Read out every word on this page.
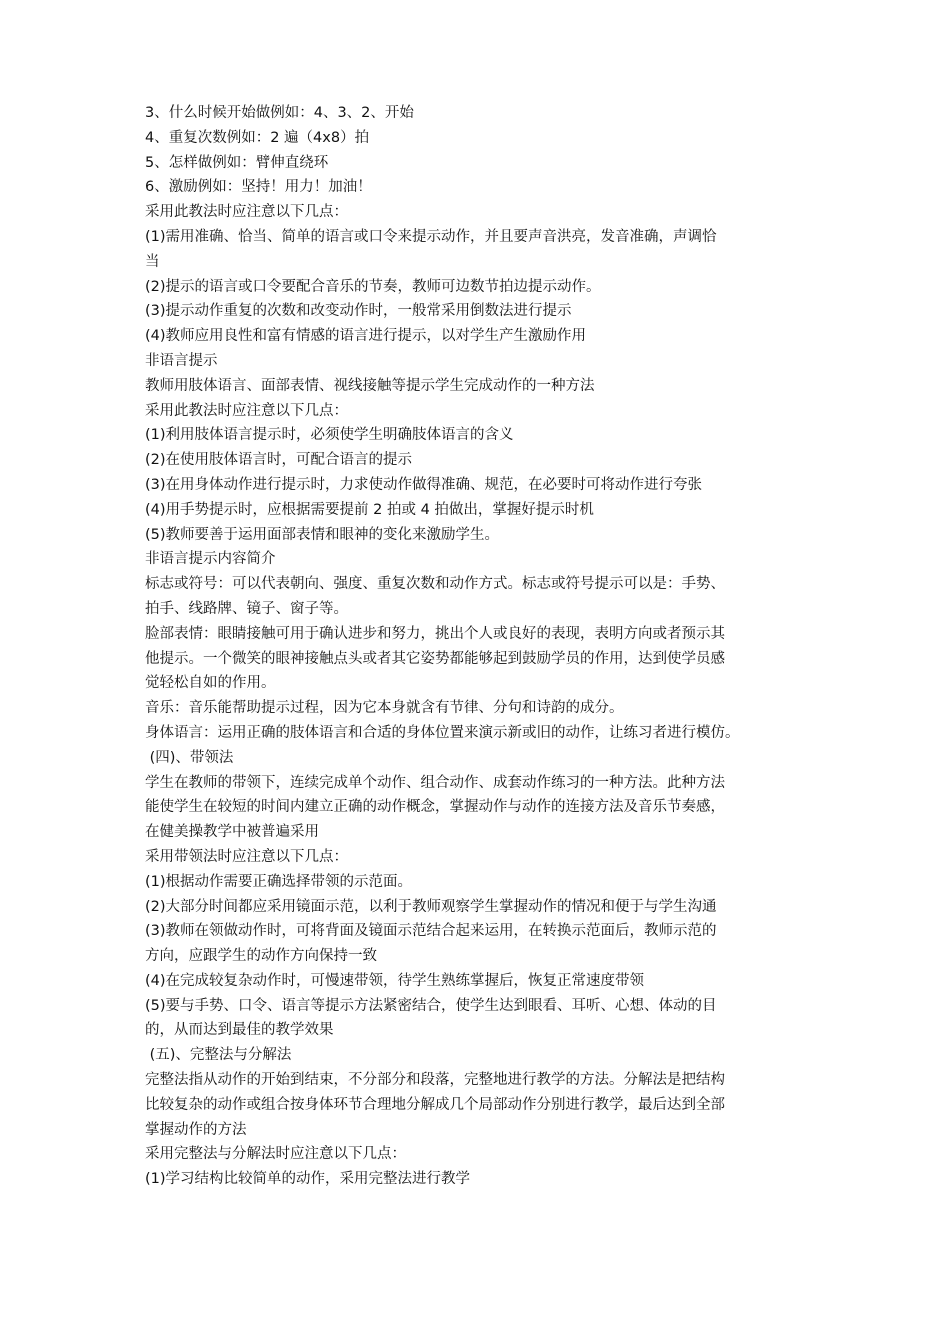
3、什么时候开始做例如：4、3、2、开始
4、重复次数例如：2 遍（4x8）拍
5、怎样做例如：臂伸直绕环
6、激励例如：坚持！用力！加油！
采用此教法时应注意以下几点：
(1)需用准确、恰当、简单的语言或口令来提示动作，并且要声音洪亮，发音准确，声调恰
当
(2)提示的语言或口令要配合音乐的节奏，教师可边数节拍边提示动作。
(3)提示动作重复的次数和改变动作时，一般常采用倒数法进行提示
(4)教师应用良性和富有情感的语言进行提示，以对学生产生激励作用
非语言提示
教师用肢体语言、面部表情、视线接触等提示学生完成动作的一种方法
采用此教法时应注意以下几点：
(1)利用肢体语言提示时，必须使学生明确肢体语言的含义
(2)在使用肢体语言时，可配合语言的提示
(3)在用身体动作进行提示时，力求使动作做得准确、规范，在必要时可将动作进行夸张
(4)用手势提示时，应根据需要提前 2 拍或 4 拍做出，掌握好提示时机
(5)教师要善于运用面部表情和眼神的变化来激励学生。
非语言提示内容简介
标志或符号：可以代表朝向、强度、重复次数和动作方式。标志或符号提示可以是：手势、
拍手、线路牌、镜子、窗子等。
脸部表情：眼睛接触可用于确认进步和努力，挑出个人或良好的表现，表明方向或者预示其
他提示。一个微笑的眼神接触点头或者其它姿势都能够起到鼓励学员的作用，达到使学员感
觉轻松自如的作用。
音乐：音乐能帮助提示过程，因为它本身就含有节律、分句和诗韵的成分。
身体语言：运用正确的肢体语言和合适的身体位置来演示新或旧的动作，让练习者进行模仿。
(四)、带领法
学生在教师的带领下，连续完成单个动作、组合动作、成套动作练习的一种方法。此种方法
能使学生在较短的时间内建立正确的动作概念，掌握动作与动作的连接方法及音乐节奏感，
在健美操教学中被普遍采用
采用带领法时应注意以下几点：
(1)根据动作需要正确选择带领的示范面。
(2)大部分时间都应采用镜面示范，以利于教师观察学生掌握动作的情况和便于与学生沟通
(3)教师在领做动作时，可将背面及镜面示范结合起来运用，在转换示范面后，教师示范的
方向，应跟学生的动作方向保持一致
(4)在完成较复杂动作时，可慢速带领，待学生熟练掌握后，恢复正常速度带领
(5)要与手势、口令、语言等提示方法紧密结合，使学生达到眼看、耳听、心想、体动的目
的，从而达到最佳的教学效果
(五)、完整法与分解法
完整法指从动作的开始到结束，不分部分和段落，完整地进行教学的方法。分解法是把结构
比较复杂的动作或组合按身体环节合理地分解成几个局部动作分别进行教学，最后达到全部
掌握动作的方法
采用完整法与分解法时应注意以下几点：
(1)学习结构比较简单的动作，采用完整法进行教学
